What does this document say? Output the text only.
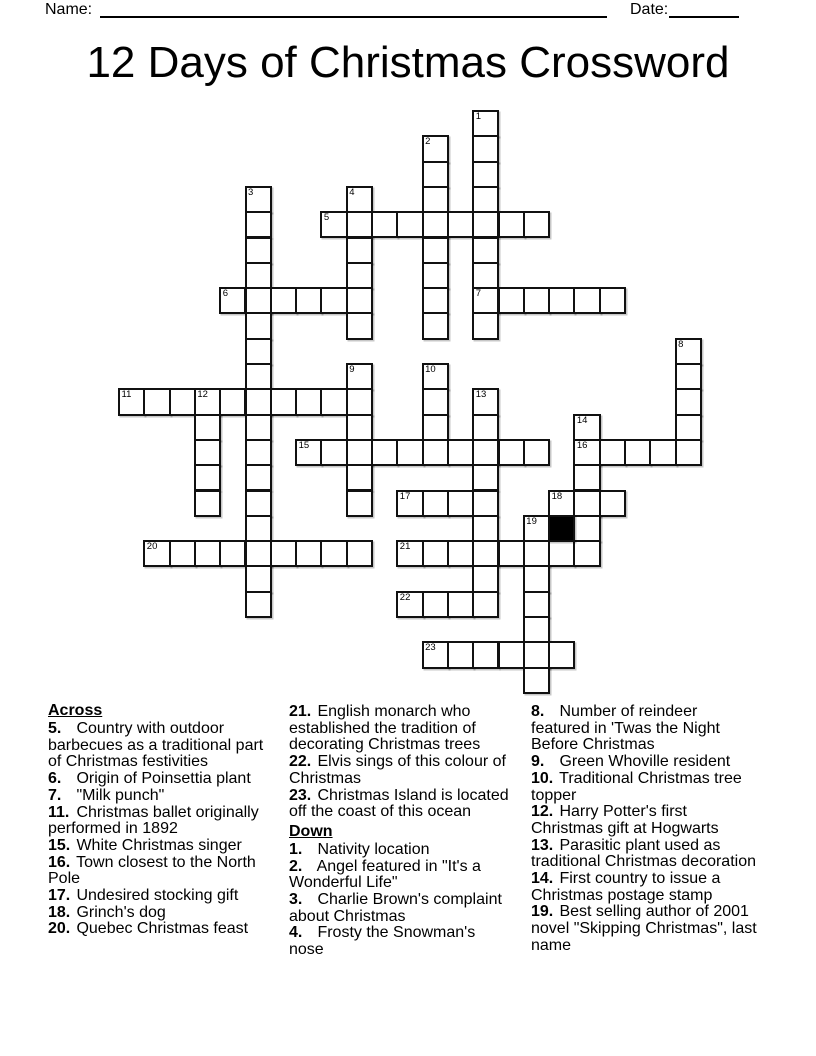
Name:	Date:
12 Days of Christmas Crossword
1
2
3	4
5
6	7
8
9	10
11	12	13
14
15	16
17	18
19
20	21
22
23
Across
5. Country with outdoor barbecues as a traditional part of Christmas festivities
6. Origin of Poinsettia plant
7. "Milk punch"
11. Christmas ballet originally performed in 1892
15. White Christmas singer
16. Town closest to the North Pole
17. Undesired stocking gift
18. Grinch's dog
20. Quebec Christmas feast
21. English monarch who established the tradition of decorating Christmas trees
22. Elvis sings of this colour of Christmas
23. Christmas Island is located off the coast of this ocean
Down
1. Nativity location
2. Angel featured in "It's a Wonderful Life"
3. Charlie Brown's complaint about Christmas
4. Frosty the Snowman's nose
8. Number of reindeer featured in 'Twas the Night Before Christmas
9. Green Whoville resident
10. Traditional Christmas tree topper
12. Harry Potter's first Christmas gift at Hogwarts
13. Parasitic plant used as traditional Christmas decoration
14. First country to issue a Christmas postage stamp
19. Best selling author of 2001 novel "Skipping Christmas", last name
